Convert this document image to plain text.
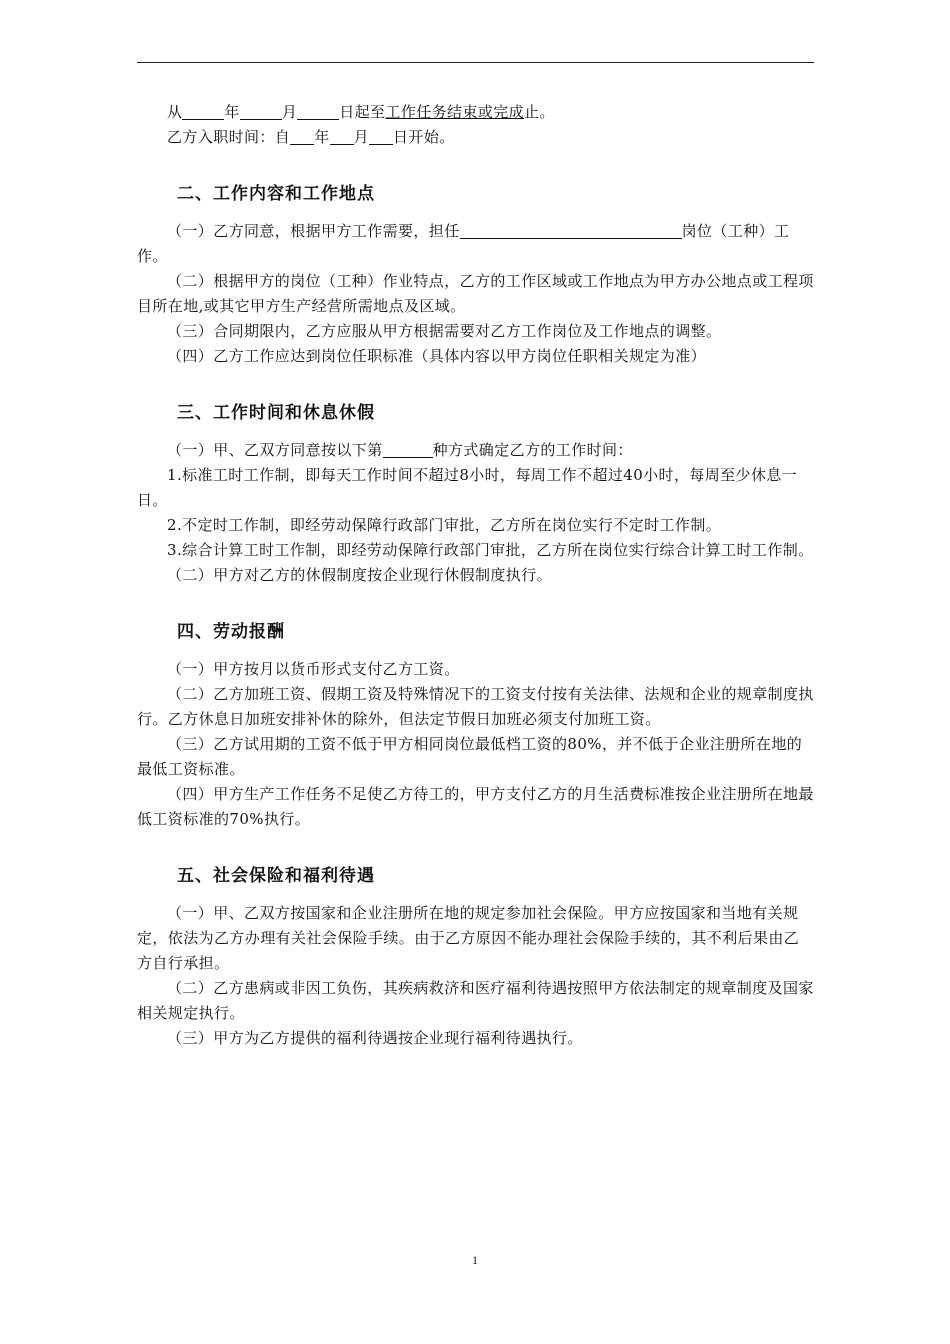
从	年	月	日起至工作任务结束或完成止。

乙方入职时间：自 年 月 日开始。

二、工作内容和工作地点

（一）乙方同意，根据甲方工作需要，担任	岗位（工种）工作。

（二）根据甲方的岗位（工种）作业特点，乙方的工作区域或工作地点为甲方办公地点或工程项目所在地,或其它甲方生产经营所需地点及区域。

（三）合同期限内，乙方应服从甲方根据需要对乙方工作岗位及工作地点的调整。

（四）乙方工作应达到岗位任职标准（具体内容以甲方岗位任职相关规定为准）

三、工作时间和休息休假

（一）甲、乙双方同意按以下第	种方式确定乙方的工作时间：

1.标准工时工作制，即每天工作时间不超过8小时，每周工作不超过40小时，每周至少休息一日。

2.不定时工作制，即经劳动保障行政部门审批，乙方所在岗位实行不定时工作制。

3.综合计算工时工作制，即经劳动保障行政部门审批，乙方所在岗位实行综合计算工时工作制。

（二）甲方对乙方的休假制度按企业现行休假制度执行。

四、劳动报酬

（一）甲方按月以货币形式支付乙方工资。

（二）乙方加班工资、假期工资及特殊情况下的工资支付按有关法律、法规和企业的规章制度执行。乙方休息日加班安排补休的除外，但法定节假日加班必须支付加班工资。

（三）乙方试用期的工资不低于甲方相同岗位最低档工资的80%，并不低于企业注册所在地的最低工资标准。

（四）甲方生产工作任务不足使乙方待工的，甲方支付乙方的月生活费标准按企业注册所在地最低工资标准的70%执行。

五、社会保险和福利待遇

（一）甲、乙双方按国家和企业注册所在地的规定参加社会保险。甲方应按国家和当地有关规定，依法为乙方办理有关社会保险手续。由于乙方原因不能办理社会保险手续的，其不利后果由乙方自行承担。

（二）乙方患病或非因工负伤，其疾病救济和医疗福利待遇按照甲方依法制定的规章制度及国家相关规定执行。

（三）甲方为乙方提供的福利待遇按企业现行福利待遇执行。

1
